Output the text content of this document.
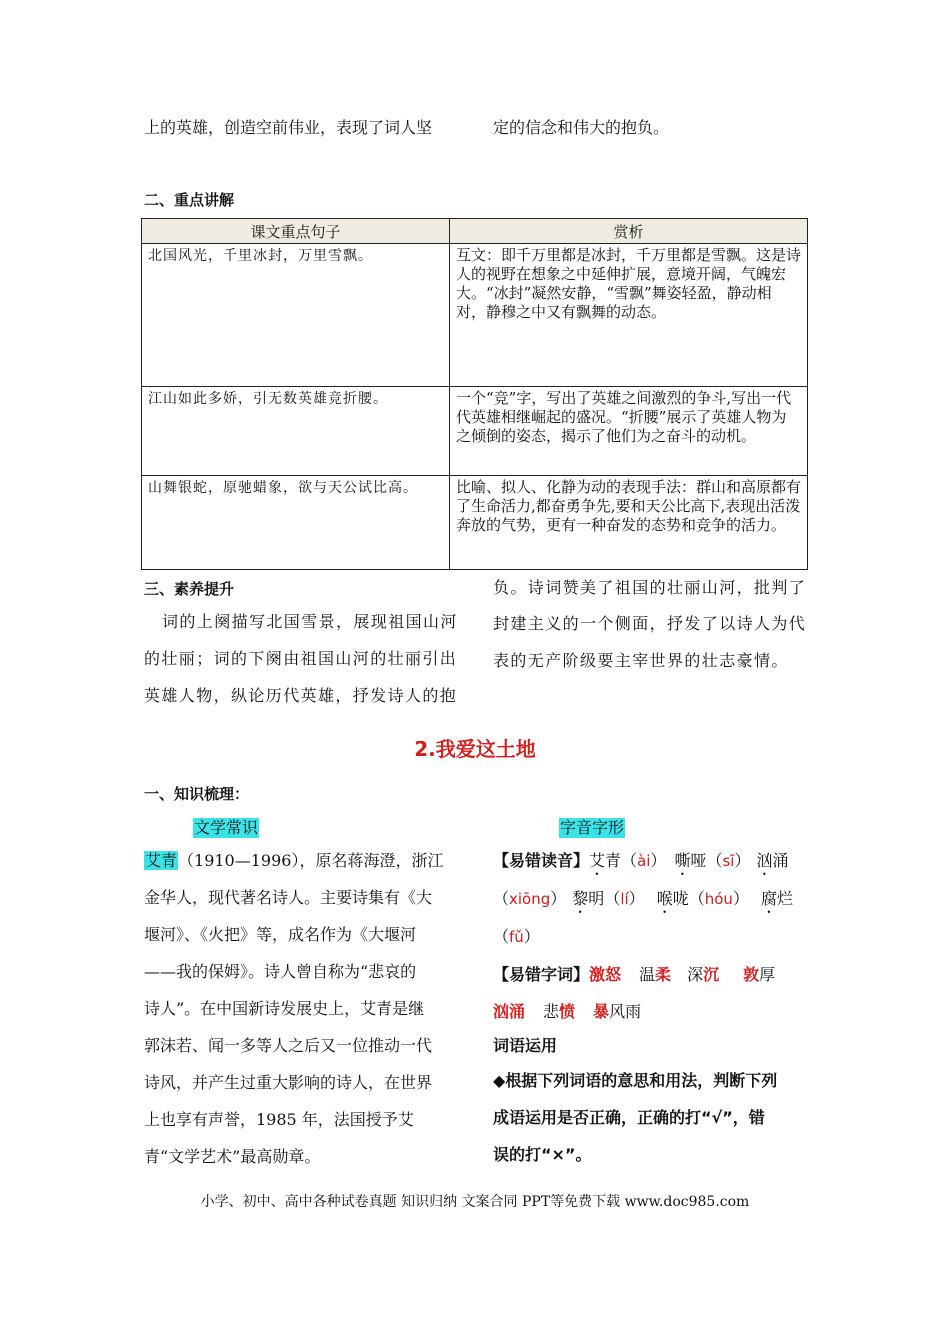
上的英雄，创造空前伟业，表现了词人坚	定的信念和伟大的抱负。
二、重点讲解
课文重点句子	赏析
北国风光，千里冰封，万里雪飘。	互文：即千万里都是冰封，千万里都是雪飘。这是诗人的视野在想象之中延伸扩展，意境开阔，气魄宏大。“冰封”凝然安静，“雪飘”舞姿轻盈，静动相对，静穆之中又有飘舞的动态。
江山如此多娇，引无数英雄竞折腰。	一个“竞”字，写出了英雄之间激烈的争斗,写出一代代英雄相继崛起的盛况。“折腰”展示了英雄人物为之倾倒的姿态，揭示了他们为之奋斗的动机。
山舞银蛇，原驰蜡象，欲与天公试比高。	比喻、拟人、化静为动的表现手法：群山和高原都有了生命活力,都奋勇争先,要和天公比高下,表现出活泼奔放的气势，更有一种奋发的态势和竞争的活力。
三、素养提升
词的上阕描写北国雪景，展现祖国山河
的壮丽；词的下阕由祖国山河的壮丽引出
英雄人物，纵论历代英雄，抒发诗人的抱
负。诗词赞美了祖国的壮丽山河，批判了
封建主义的一个侧面，抒发了以诗人为代
表的无产阶级要主宰世界的壮志豪情。
2.我爱这土地
一、知识梳理：
文学常识	字音字形
艾青（1910—1996），原名蒋海澄，浙江
金华人，现代著名诗人。主要诗集有《大
堰河》、《火把》等，成名作为《大堰河
——我的保姆》。诗人曾自称为“悲哀的
诗人”。在中国新诗发展史上，艾青是继
郭沫若、闻一多等人之后又一位推动一代
诗风，并产生过重大影响的诗人，在世界
上也享有声誉，1985 年，法国授予艾
青“文学艺术”最高勋章。
【易错读音】艾青（ài） 嘶哑（sī） 汹涌
（xiōng） 黎明（lí） 喉咙（hóu） 腐烂
（fǔ）
【易错字词】激怒 温柔 深沉 敦厚
汹涌 悲愤 暴风雨
词语运用
◆根据下列词语的意思和用法，判断下列
成语运用是否正确，正确的打“√”，错
误的打“×”。
小学、初中、高中各种试卷真题 知识归纳 文案合同 PPT等免费下载 www.doc985.com
